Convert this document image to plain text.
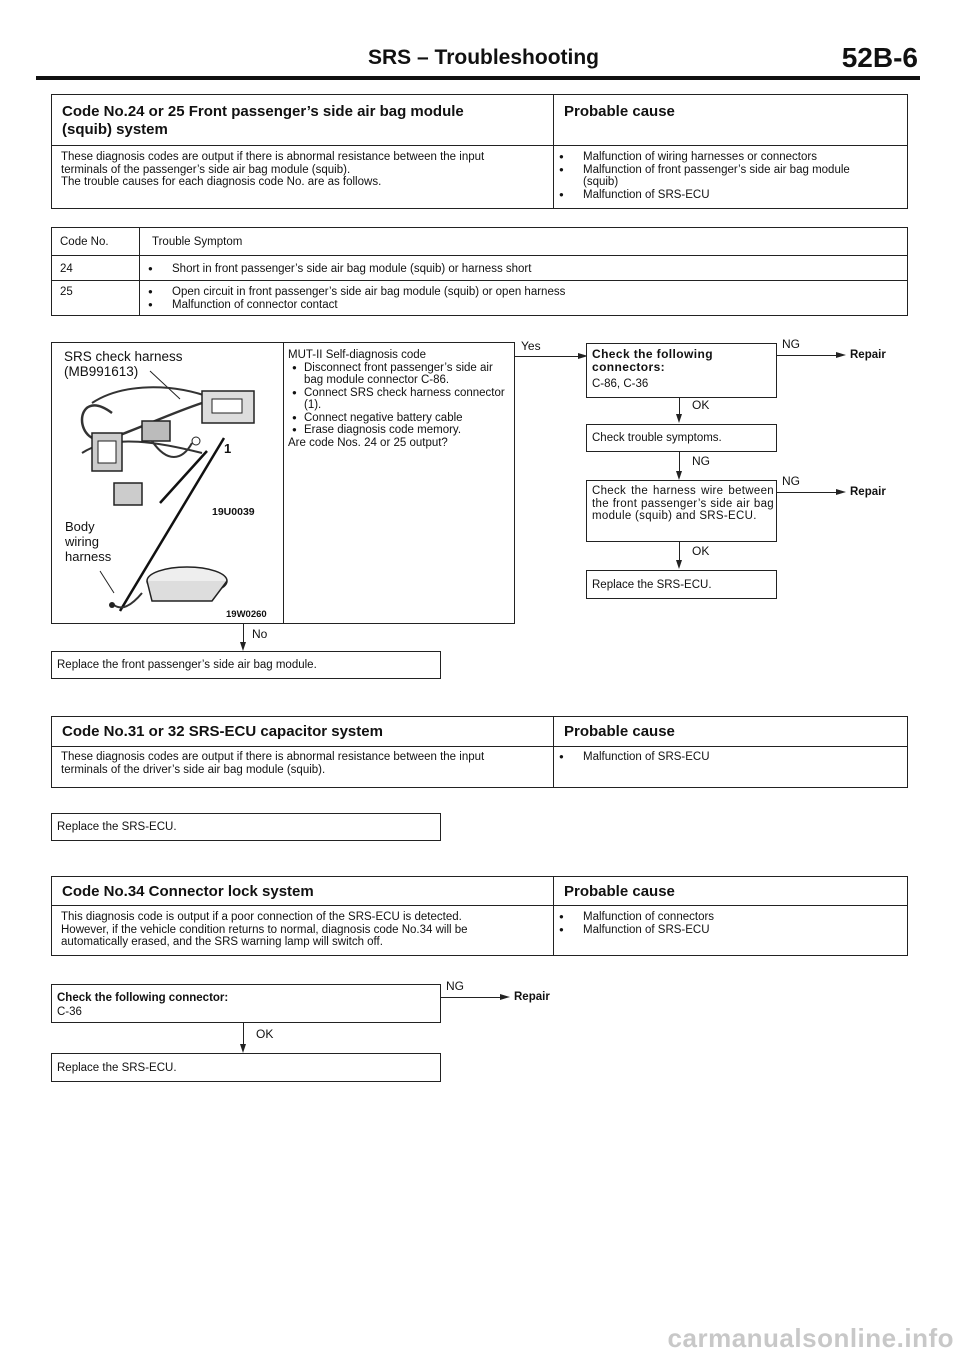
SRS – Troubleshooting	52B-6
Code No.24 or 25 Front passenger’s side air bag module
(squib) system
Probable cause
These diagnosis codes are output if there is abnormal resistance between the input
terminals of the passenger’s side air bag module (squib).
The trouble causes for each diagnosis code No. are as follows.
● Malfunction of wiring harnesses or connectors
● Malfunction of front passenger’s side air bag module (squib)
● Malfunction of SRS-ECU
Code No.	Trouble Symptom
24	● Short in front passenger’s side air bag module (squib) or harness short
25	● Open circuit in front passenger’s side air bag module (squib) or open harness
● Malfunction of connector contact
SRS check harness
(MB991613)
1
19U0039
Body
wiring
harness
19W0260
MUT-II Self-diagnosis code
● Disconnect front passenger’s side air bag module connector C-86.
● Connect SRS check harness connector (1).
● Connect negative battery cable
● Erase diagnosis code memory.
Are code Nos. 24 or 25 output?
Yes
Check the following connectors:
C-86, C-36
NG
Repair
OK
Check trouble symptoms.
NG
Check the harness wire between the front passenger’s side air bag module (squib) and SRS-ECU.
NG
Repair
OK
Replace the SRS-ECU.
No
Replace the front passenger’s side air bag module.
Code No.31 or 32 SRS-ECU capacitor system	Probable cause
These diagnosis codes are output if there is abnormal resistance between the input
terminals of the driver’s side air bag module (squib).
● Malfunction of SRS-ECU
Replace the SRS-ECU.
Code No.34 Connector lock system	Probable cause
This diagnosis code is output if a poor connection of the SRS-ECU is detected.
However, if the vehicle condition returns to normal, diagnosis code No.34 will be
automatically erased, and the SRS warning lamp will switch off.
● Malfunction of connectors
● Malfunction of SRS-ECU
Check the following connector:
C-36
NG
Repair
OK
Replace the SRS-ECU.
carmanualsonline.info
